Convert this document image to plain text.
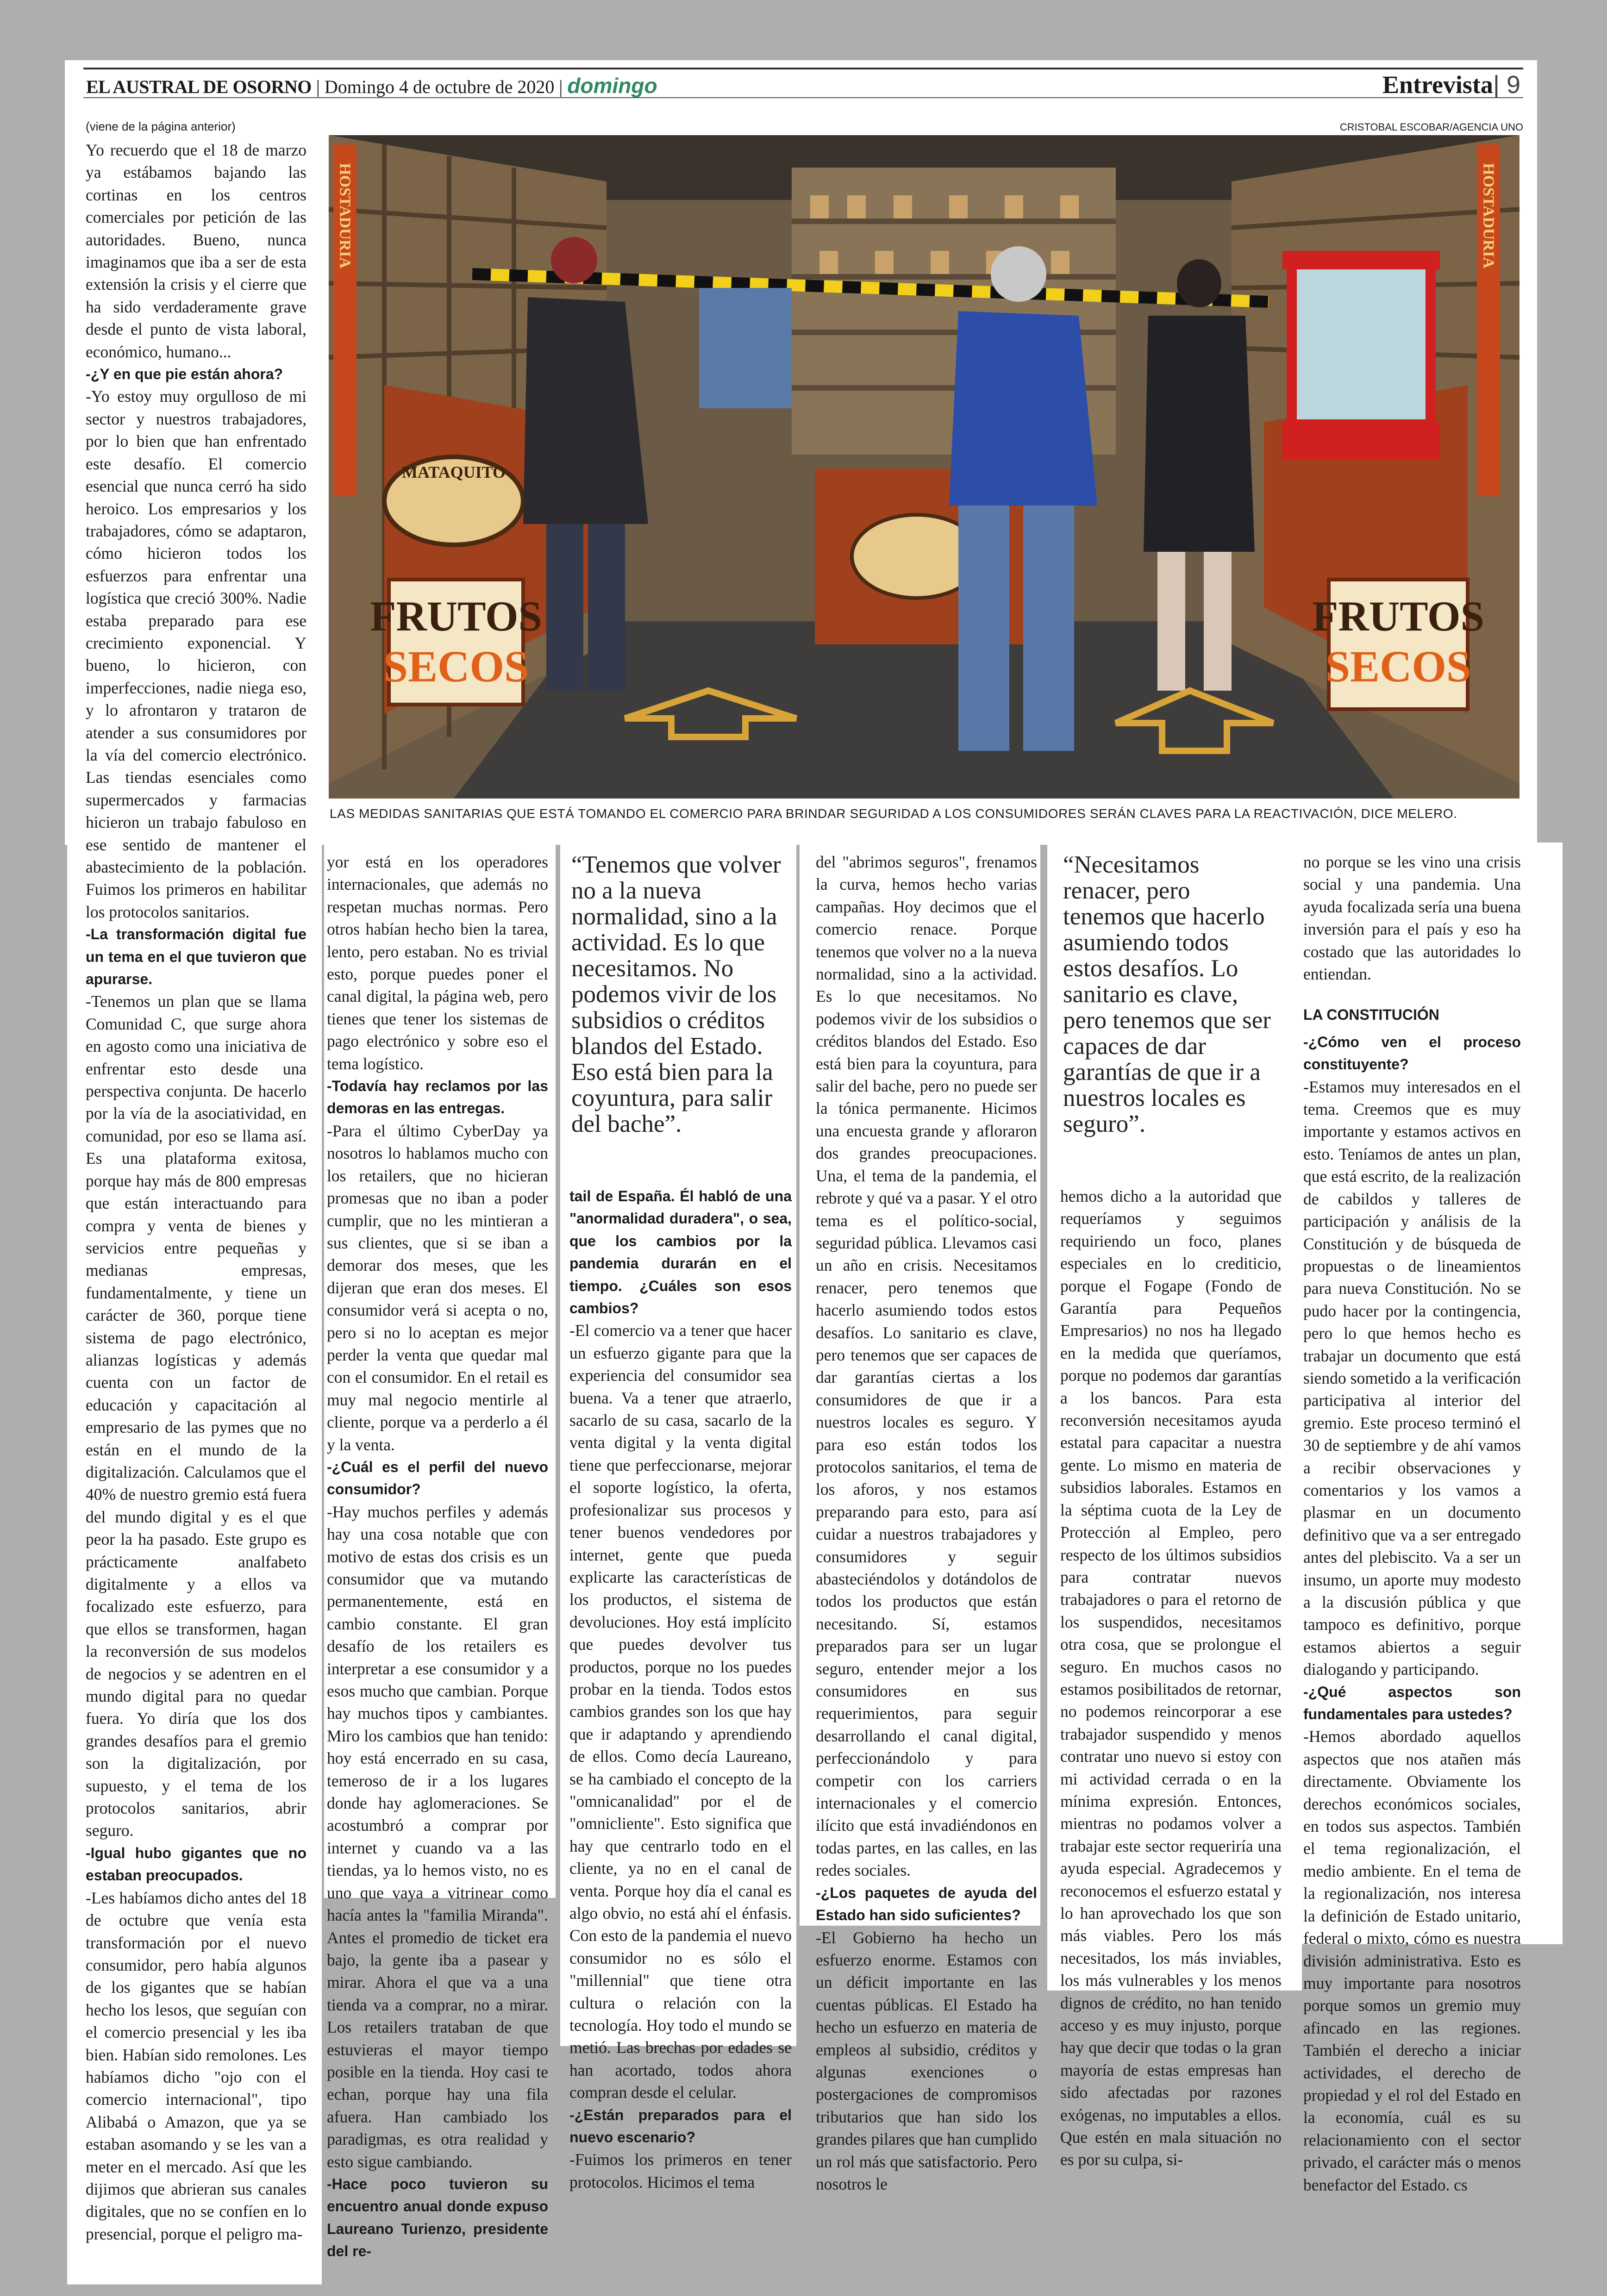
EL AUSTRAL DE OSORNO | Domingo 4 de octubre de 2020 | domingo	Entrevista| 9
CRISTOBAL ESCOBAR/AGENCIA UNO
HOSTADURIA	HOSTADURIA
MATAQUITO
FRUTOS
SECOS
FRUTOS
SECOS
LAS MEDIDAS SANITARIAS QUE ESTÁ TOMANDO EL COMERCIO PARA BRINDAR SEGURIDAD A LOS CONSUMIDORES SERÁN CLAVES PARA LA REACTIVACIÓN, DICE MELERO.

(viene de la página anterior)

Yo recuerdo que el 18 de marzo ya estábamos bajando las cortinas en los centros comerciales por petición de las autoridades. Bueno, nunca imaginamos que iba a ser de esta extensión la crisis y el cierre que ha sido verdaderamente grave desde el punto de vista laboral, económico, humano...

-¿Y en que pie están ahora?

-Yo estoy muy orgulloso de mi sector y nuestros trabajadores, por lo bien que han enfrentado este desafío. El comercio esencial que nunca cerró ha sido heroico. Los empresarios y los trabajadores, cómo se adaptaron, cómo hicieron todos los esfuerzos para enfrentar una logística que creció 300%. Nadie estaba preparado para ese crecimiento exponencial. Y bueno, lo hicieron, con imperfecciones, nadie niega eso, y lo afrontaron y trataron de atender a sus consumidores por la vía del comercio electrónico. Las tiendas esenciales como supermercados y farmacias hicieron un trabajo fabuloso en ese sentido de mantener el abastecimiento de la población. Fuimos los primeros en habilitar los protocolos sanitarios.

-La transformación digital fue un tema en el que tuvieron que apurarse.

-Tenemos un plan que se llama Comunidad C, que surge ahora en agosto como una iniciativa de enfrentar esto desde una perspectiva conjunta. De hacerlo por la vía de la asociatividad, en comunidad, por eso se llama así. Es una plataforma exitosa, porque hay más de 800 empresas que están interactuando para compra y venta de bienes y servicios entre pequeñas y medianas empresas, fundamentalmente, y tiene un carácter de 360, porque tiene sistema de pago electrónico, alianzas logísticas y además cuenta con un factor de educación y capacitación al empresario de las pymes que no están en el mundo de la digitalización. Calculamos que el 40% de nuestro gremio está fuera del mundo digital y es el que peor la ha pasado. Este grupo es prácticamente analfabeto digitalmente y a ellos va focalizado este esfuerzo, para que ellos se transformen, hagan la reconversión de sus modelos de negocios y se adentren en el mundo digital para no quedar fuera. Yo diría que los dos grandes desafíos para el gremio son la digitalización, por supuesto, y el tema de los protocolos sanitarios, abrir seguro.

-Igual hubo gigantes que no estaban preocupados.

-Les habíamos dicho antes del 18 de octubre que venía esta transformación por el nuevo consumidor, pero había algunos de los gigantes que se habían hecho los lesos, que seguían con el comercio presencial y les iba bien. Habían sido remolones. Les habíamos dicho "ojo con el comercio internacional", tipo Alibabá o Amazon, que ya se estaban asomando y se les van a meter en el mercado. Así que les dijimos que abrieran sus canales digitales, que no se confíen en lo presencial, porque el peligro ma-

yor está en los operadores internacionales, que además no respetan muchas normas. Pero otros habían hecho bien la tarea, lento, pero estaban. No es trivial esto, porque puedes poner el canal digital, la página web, pero tienes que tener los sistemas de pago electrónico y sobre eso el tema logístico.

-Todavía hay reclamos por las demoras en las entregas.

-Para el último CyberDay ya nosotros lo hablamos mucho con los retailers, que no hicieran promesas que no iban a poder cumplir, que no les mintieran a sus clientes, que si se iban a demorar dos meses, que les dijeran que eran dos meses. El consumidor verá si acepta o no, pero si no lo aceptan es mejor perder la venta que quedar mal con el consumidor. En el retail es muy mal negocio mentirle al cliente, porque va a perderlo a él y la venta.

-¿Cuál es el perfil del nuevo consumidor?

-Hay muchos perfiles y además hay una cosa notable que con motivo de estas dos crisis es un consumidor que va mutando permanentemente, está en cambio constante. El gran desafío de los retailers es interpretar a ese consumidor y a esos mucho que cambian. Porque hay muchos tipos y cambiantes. Miro los cambios que han tenido: hoy está encerrado en su casa, temeroso de ir a los lugares donde hay aglomeraciones. Se acostumbró a comprar por internet y cuando va a las tiendas, ya lo hemos visto, no es uno que vaya a vitrinear como hacía antes la "familia Miranda". Antes el promedio de ticket era bajo, la gente iba a pasear y mirar. Ahora el que va a una tienda va a comprar, no a mirar. Los retailers trataban de que estuvieras el mayor tiempo posible en la tienda. Hoy casi te echan, porque hay una fila afuera. Han cambiado los paradigmas, es otra realidad y esto sigue cambiando.

-Hace poco tuvieron su encuentro anual donde expuso Laureano Turienzo, presidente del re-

“Tenemos que volver no a la nueva normalidad, sino a la actividad. Es lo que necesitamos. No podemos vivir de los subsidios o créditos blandos del Estado. Eso está bien para la coyuntura, para salir del bache”.

tail de España. Él habló de una "anormalidad duradera", o sea, que los cambios por la pandemia durarán en el tiempo. ¿Cuáles son esos cambios?

-El comercio va a tener que hacer un esfuerzo gigante para que la experiencia del consumidor sea buena. Va a tener que atraerlo, sacarlo de su casa, sacarlo de la venta digital y la venta digital tiene que perfeccionarse, mejorar el soporte logístico, la oferta, profesionalizar sus procesos y tener buenos vendedores por internet, gente que pueda explicarte las características de los productos, el sistema de devoluciones. Hoy está implícito que puedes devolver tus productos, porque no los puedes probar en la tienda. Todos estos cambios grandes son los que hay que ir adaptando y aprendiendo de ellos. Como decía Laureano, se ha cambiado el concepto de la "omnicanalidad" por el de "omnicliente". Esto significa que hay que centrarlo todo en el cliente, ya no en el canal de venta. Porque hoy día el canal es algo obvio, no está ahí el énfasis. Con esto de la pandemia el nuevo consumidor no es sólo el "millennial" que tiene otra cultura o relación con la tecnología. Hoy todo el mundo se metió. Las brechas por edades se han acortado, todos ahora compran desde el celular.

-¿Están preparados para el nuevo escenario?

-Fuimos los primeros en tener protocolos. Hicimos el tema

del "abrimos seguros", frenamos la curva, hemos hecho varias campañas. Hoy decimos que el comercio renace. Porque tenemos que volver no a la nueva normalidad, sino a la actividad. Es lo que necesitamos. No podemos vivir de los subsidios o créditos blandos del Estado. Eso está bien para la coyuntura, para salir del bache, pero no puede ser la tónica permanente. Hicimos una encuesta grande y afloraron dos grandes preocupaciones. Una, el tema de la pandemia, el rebrote y qué va a pasar. Y el otro tema es el político-social, seguridad pública. Llevamos casi un año en crisis. Necesitamos renacer, pero tenemos que hacerlo asumiendo todos estos desafíos. Lo sanitario es clave, pero tenemos que ser capaces de dar garantías ciertas a los consumidores de que ir a nuestros locales es seguro. Y para eso están todos los protocolos sanitarios, el tema de los aforos, y nos estamos preparando para esto, para así cuidar a nuestros trabajadores y consumidores y seguir abasteciéndolos y dotándolos de todos los productos que están necesitando. Sí, estamos preparados para ser un lugar seguro, entender mejor a los consumidores en sus requerimientos, para seguir desarrollando el canal digital, perfeccionándolo y para competir con los carriers internacionales y el comercio ilícito que está invadiéndonos en todas partes, en las calles, en las redes sociales.

-¿Los paquetes de ayuda del Estado han sido suficientes?

-El Gobierno ha hecho un esfuerzo enorme. Estamos con un déficit importante en las cuentas públicas. El Estado ha hecho un esfuerzo en materia de empleos al subsidio, créditos y algunas exenciones o postergaciones de compromisos tributarios que han sido los grandes pilares que han cumplido un rol más que satisfactorio. Pero nosotros le

“Necesitamos renacer, pero tenemos que hacerlo asumiendo todos estos desafíos. Lo sanitario es clave, pero tenemos que ser capaces de dar garantías de que ir a nuestros locales es seguro”.

hemos dicho a la autoridad que requeríamos y seguimos requiriendo un foco, planes especiales en lo crediticio, porque el Fogape (Fondo de Garantía para Pequeños Empresarios) no nos ha llegado en la medida que queríamos, porque no podemos dar garantías a los bancos. Para esta reconversión necesitamos ayuda estatal para capacitar a nuestra gente. Lo mismo en materia de subsidios laborales. Estamos en la séptima cuota de la Ley de Protección al Empleo, pero respecto de los últimos subsidios para contratar nuevos trabajadores o para el retorno de los suspendidos, necesitamos otra cosa, que se prolongue el seguro. En muchos casos no estamos posibilitados de retornar, no podemos reincorporar a ese trabajador suspendido y menos contratar uno nuevo si estoy con mi actividad cerrada o en la mínima expresión. Entonces, mientras no podamos volver a trabajar este sector requeriría una ayuda especial. Agradecemos y reconocemos el esfuerzo estatal y lo han aprovechado los que son más viables. Pero los más necesitados, los más inviables, los más vulnerables y los menos dignos de crédito, no han tenido acceso y es muy injusto, porque hay que decir que todas o la gran mayoría de estas empresas han sido afectadas por razones exógenas, no imputables a ellos. Que estén en mala situación no es por su culpa, si-

no porque se les vino una crisis social y una pandemia. Una ayuda focalizada sería una buena inversión para el país y eso ha costado que las autoridades lo entiendan.

LA CONSTITUCIÓN

-¿Cómo ven el proceso constituyente?

-Estamos muy interesados en el tema. Creemos que es muy importante y estamos activos en esto. Teníamos de antes un plan, que está escrito, de la realización de cabildos y talleres de participación y análisis de la Constitución y de búsqueda de propuestas o de lineamientos para nueva Constitución. No se pudo hacer por la contingencia, pero lo que hemos hecho es trabajar un documento que está siendo sometido a la verificación participativa al interior del gremio. Este proceso terminó el 30 de septiembre y de ahí vamos a recibir observaciones y comentarios y los vamos a plasmar en un documento definitivo que va a ser entregado antes del plebiscito. Va a ser un insumo, un aporte muy modesto a la discusión pública y que tampoco es definitivo, porque estamos abiertos a seguir dialogando y participando.

-¿Qué aspectos son fundamentales para ustedes?

-Hemos abordado aquellos aspectos que nos atañen más directamente. Obviamente los derechos económicos sociales, en todos sus aspectos. También el tema regionalización, el medio ambiente. En el tema de la regionalización, nos interesa la definición de Estado unitario, federal o mixto, cómo es nuestra división administrativa. Esto es muy importante para nosotros porque somos un gremio muy afincado en las regiones. También el derecho a iniciar actividades, el derecho de propiedad y el rol del Estado en la economía, cuál es su relacionamiento con el sector privado, el carácter más o menos benefactor del Estado. cs
